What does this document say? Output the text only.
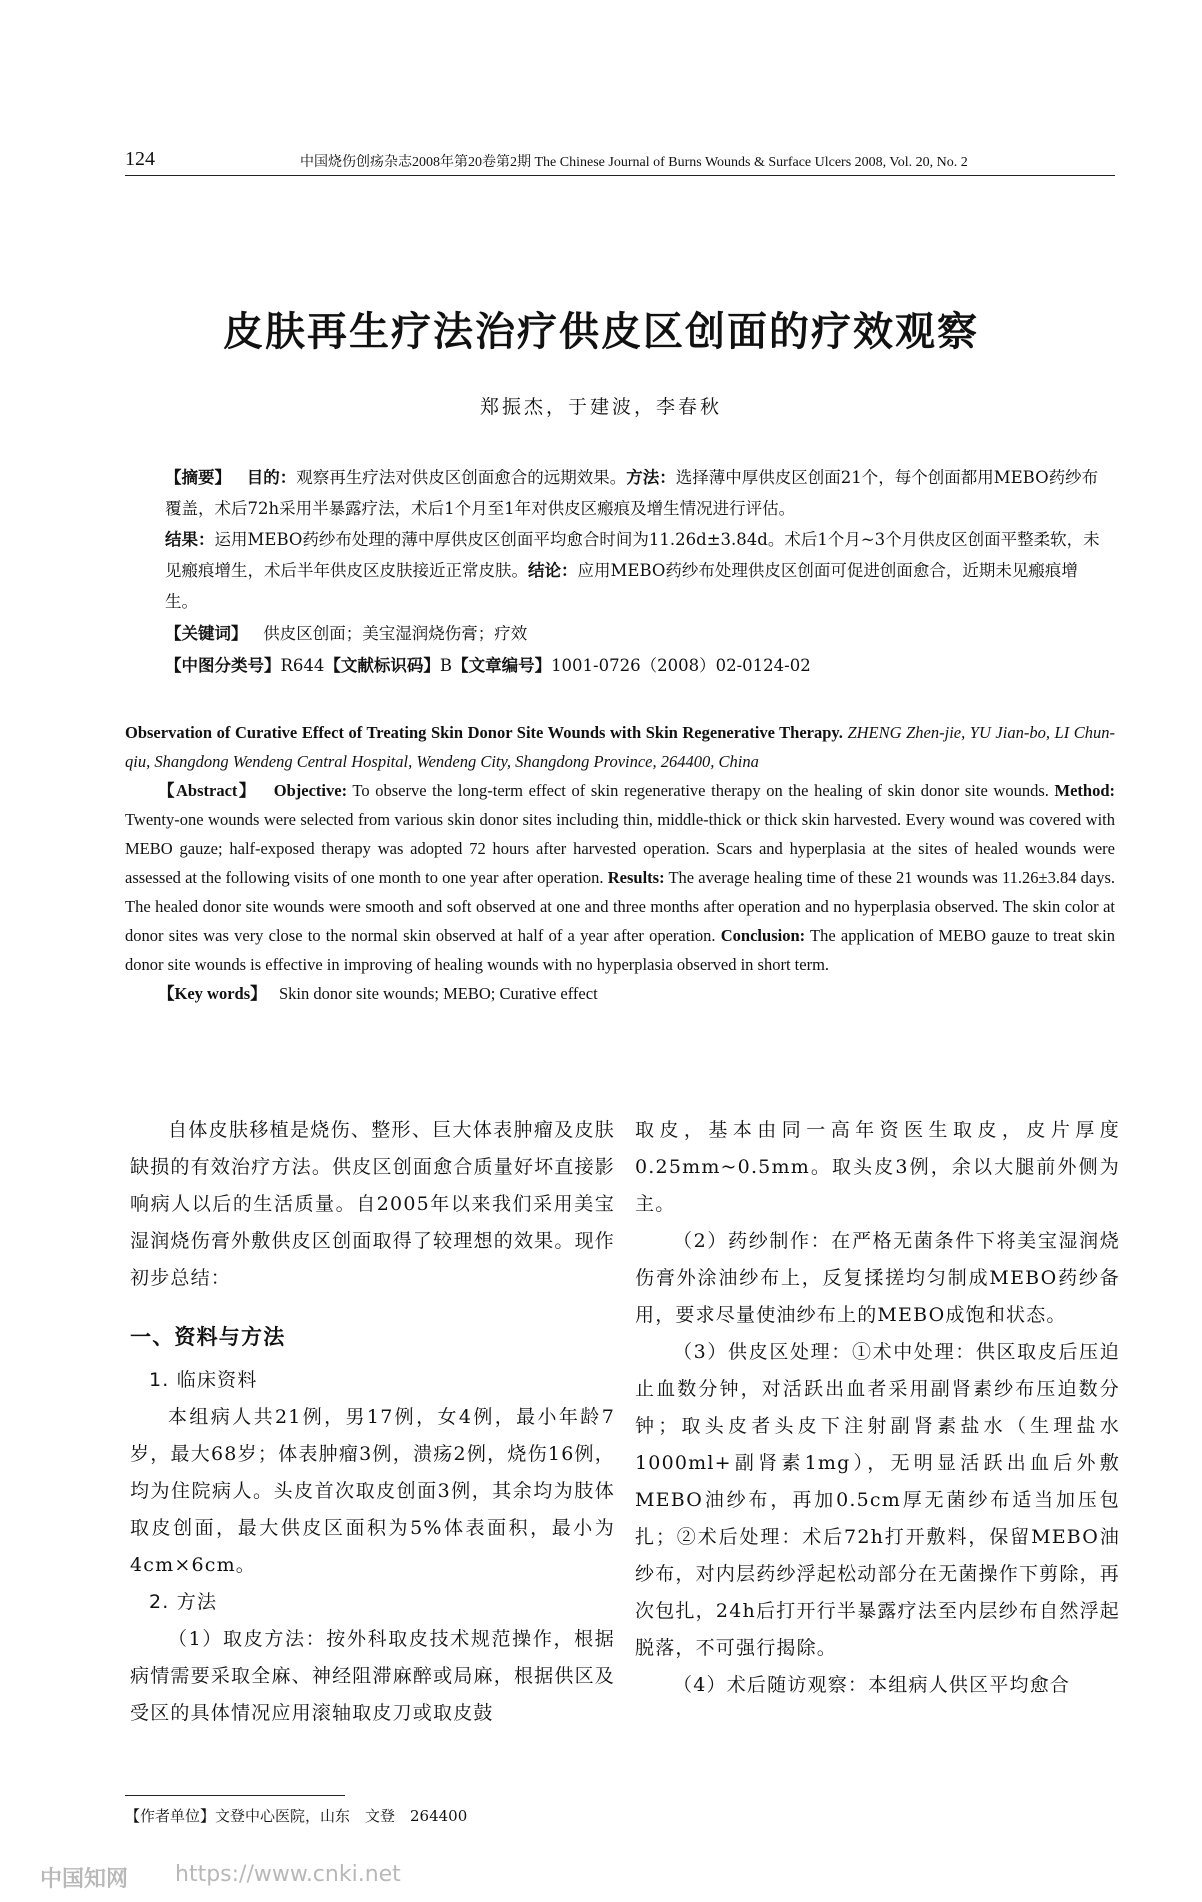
124	中国烧伤创疡杂志2008年第20卷第2期 The Chinese Journal of Burns Wounds & Surface Ulcers 2008, Vol. 20, No. 2
皮肤再生疗法治疗供皮区创面的疗效观察
郑振杰，于建波，李春秋
【摘要】 目的：观察再生疗法对供皮区创面愈合的远期效果。方法：选择薄中厚供皮区创面21个，每个创面都用MEBO药纱布覆盖，术后72h采用半暴露疗法，术后1个月至1年对供皮区瘢痕及增生情况进行评估。
结果：运用MEBO药纱布处理的薄中厚供皮区创面平均愈合时间为11.26d±3.84d。术后1个月~3个月供皮区创面平整柔软，未见瘢痕增生，术后半年供皮区皮肤接近正常皮肤。结论：应用MEBO药纱布处理供皮区创面可促进创面愈合，近期未见瘢痕增生。
【关键词】 供皮区创面；美宝湿润烧伤膏；疗效
【中图分类号】R644【文献标识码】B【文章编号】1001-0726（2008）02-0124-02
Observation of Curative Effect of Treating Skin Donor Site Wounds with Skin Regenerative Therapy. ZHENG Zhen-jie, YU Jian-bo, LI Chun-qiu, Shangdong Wendeng Central Hospital, Wendeng City, Shangdong Province, 264400, China
【Abstract】 Objective: To observe the long-term effect of skin regenerative therapy on the healing of skin donor site wounds. Method: Twenty-one wounds were selected from various skin donor sites including thin, middle-thick or thick skin harvested. Every wound was covered with MEBO gauze; half-exposed therapy was adopted 72 hours after harvested operation. Scars and hyperplasia at the sites of healed wounds were assessed at the following visits of one month to one year after operation. Results: The average healing time of these 21 wounds was 11.26±3.84 days. The healed donor site wounds were smooth and soft observed at one and three months after operation and no hyperplasia observed. The skin color at donor sites was very close to the normal skin observed at half of a year after operation. Conclusion: The application of MEBO gauze to treat skin donor site wounds is effective in improving of healing wounds with no hyperplasia observed in short term.
【Key words】 Skin donor site wounds; MEBO; Curative effect

自体皮肤移植是烧伤、整形、巨大体表肿瘤及皮肤缺损的有效治疗方法。供皮区创面愈合质量好坏直接影响病人以后的生活质量。自2005年以来我们采用美宝湿润烧伤膏外敷供皮区创面取得了较理想的效果。现作初步总结：

一、资料与方法
1. 临床资料

本组病人共21例，男17例，女4例，最小年龄7岁，最大68岁；体表肿瘤3例，溃疡2例，烧伤16例，均为住院病人。头皮首次取皮创面3例，其余均为肢体取皮创面，最大供皮区面积为5%体表面积，最小为4cm×6cm。

2. 方法

（1）取皮方法：按外科取皮技术规范操作，根据病情需要采取全麻、神经阻滞麻醉或局麻，根据供区及受区的具体情况应用滚轴取皮刀或取皮鼓

取皮，基本由同一高年资医生取皮，皮片厚度0.25mm~0.5mm。取头皮3例，余以大腿前外侧为主。

（2）药纱制作：在严格无菌条件下将美宝湿润烧伤膏外涂油纱布上，反复揉搓均匀制成MEBO药纱备用，要求尽量使油纱布上的MEBO成饱和状态。

（3）供皮区处理：①术中处理：供区取皮后压迫止血数分钟，对活跃出血者采用副肾素纱布压迫数分钟；取头皮者头皮下注射副肾素盐水（生理盐水1000ml+副肾素1mg），无明显活跃出血后外敷MEBO油纱布，再加0.5cm厚无菌纱布适当加压包扎；②术后处理：术后72h打开敷料，保留MEBO油纱布，对内层药纱浮起松动部分在无菌操作下剪除，再次包扎，24h后打开行半暴露疗法至内层纱布自然浮起脱落，不可强行揭除。

（4）术后随访观察：本组病人供区平均愈合

【作者单位】文登中心医院，山东　文登　264400
中国知网 https://www.cnki.net
